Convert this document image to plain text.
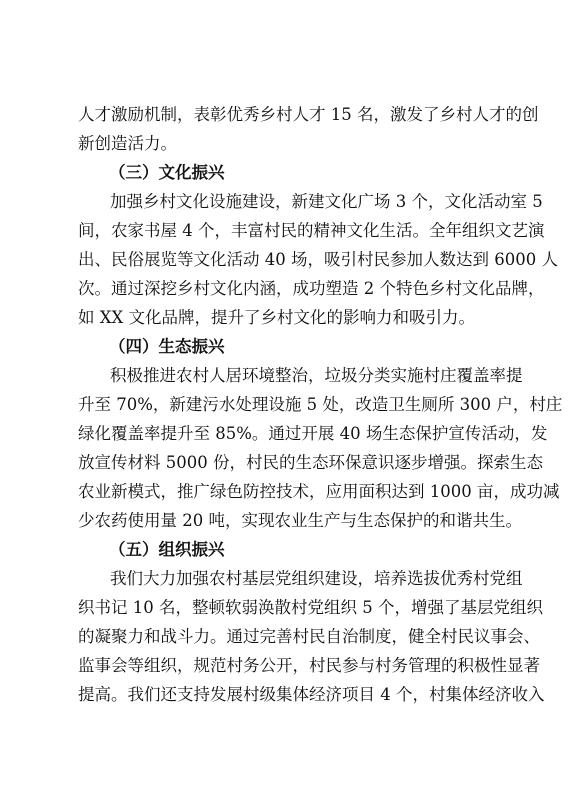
人才激励机制，表彰优秀乡村人才 15 名，激发了乡村人才的创
新创造活力。
（三）文化振兴
加强乡村文化设施建设，新建文化广场 3 个，文化活动室 5
间，农家书屋 4 个，丰富村民的精神文化生活。全年组织文艺演
出、民俗展览等文化活动 40 场，吸引村民参加人数达到 6000 人
次。通过深挖乡村文化内涵，成功塑造 2 个特色乡村文化品牌，
如 XX 文化品牌，提升了乡村文化的影响力和吸引力。
（四）生态振兴
积极推进农村人居环境整治，垃圾分类实施村庄覆盖率提
升至 70%，新建污水处理设施 5 处，改造卫生厕所 300 户，村庄
绿化覆盖率提升至 85%。通过开展 40 场生态保护宣传活动，发
放宣传材料 5000 份，村民的生态环保意识逐步增强。探索生态
农业新模式，推广绿色防控技术，应用面积达到 1000 亩，成功减
少农药使用量 20 吨，实现农业生产与生态保护的和谐共生。
（五）组织振兴
我们大力加强农村基层党组织建设，培养选拔优秀村党组
织书记 10 名，整顿软弱涣散村党组织 5 个，增强了基层党组织
的凝聚力和战斗力。通过完善村民自治制度，健全村民议事会、
监事会等组织，规范村务公开，村民参与村务管理的积极性显著
提高。我们还支持发展村级集体经济项目 4 个，村集体经济收入
